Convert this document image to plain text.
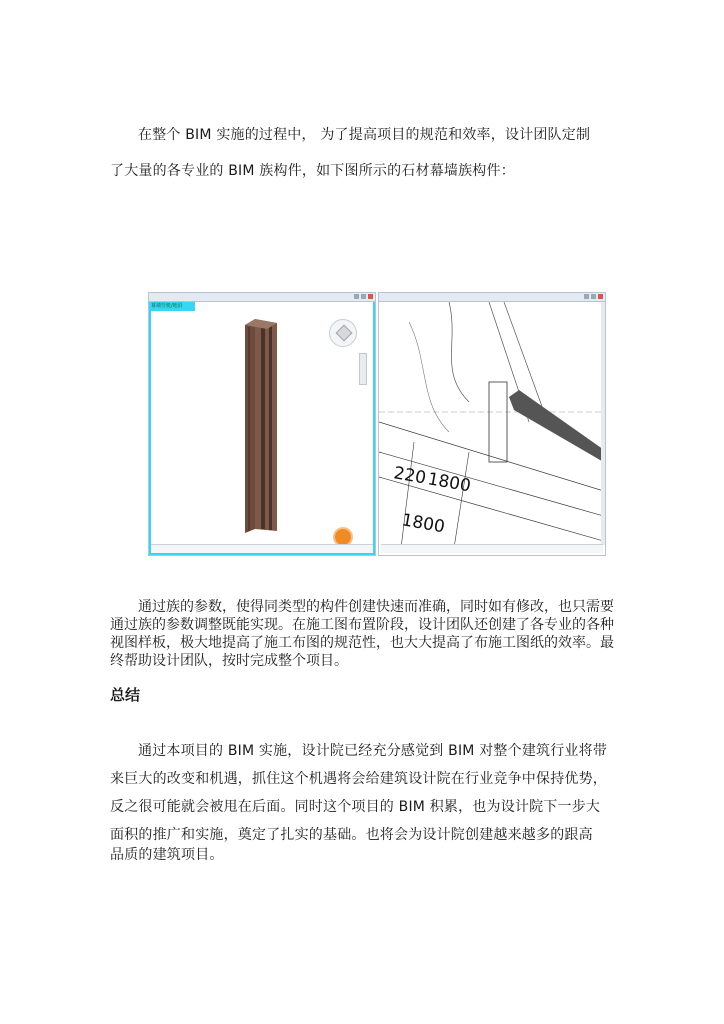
在整个 BIM 实施的过程中， 为了提高项目的规范和效率，设计团队定制

了大量的各专业的 BIM 族构件，如下图所示的石材幕墙族构件：

幕墙竖梃/地沿
220
1800
1800

通过族的参数，使得同类型的构件创建快速而准确，同时如有修改，也只需要通过族的参数调整既能实现。在施工图布置阶段，设计团队还创建了各专业的各种视图样板，极大地提高了施工布图的规范性，也大大提高了布施工图纸的效率。最终帮助设计团队，按时完成整个项目。

总结

通过本项目的 BIM 实施，设计院已经充分感觉到 BIM 对整个建筑行业将带

来巨大的改变和机遇，抓住这个机遇将会给建筑设计院在行业竞争中保持优势，

反之很可能就会被甩在后面。同时这个项目的 BIM 积累，也为设计院下一步大

面积的推广和实施，奠定了扎实的基础。也将会为设计院创建越来越多的跟高

品质的建筑项目。
